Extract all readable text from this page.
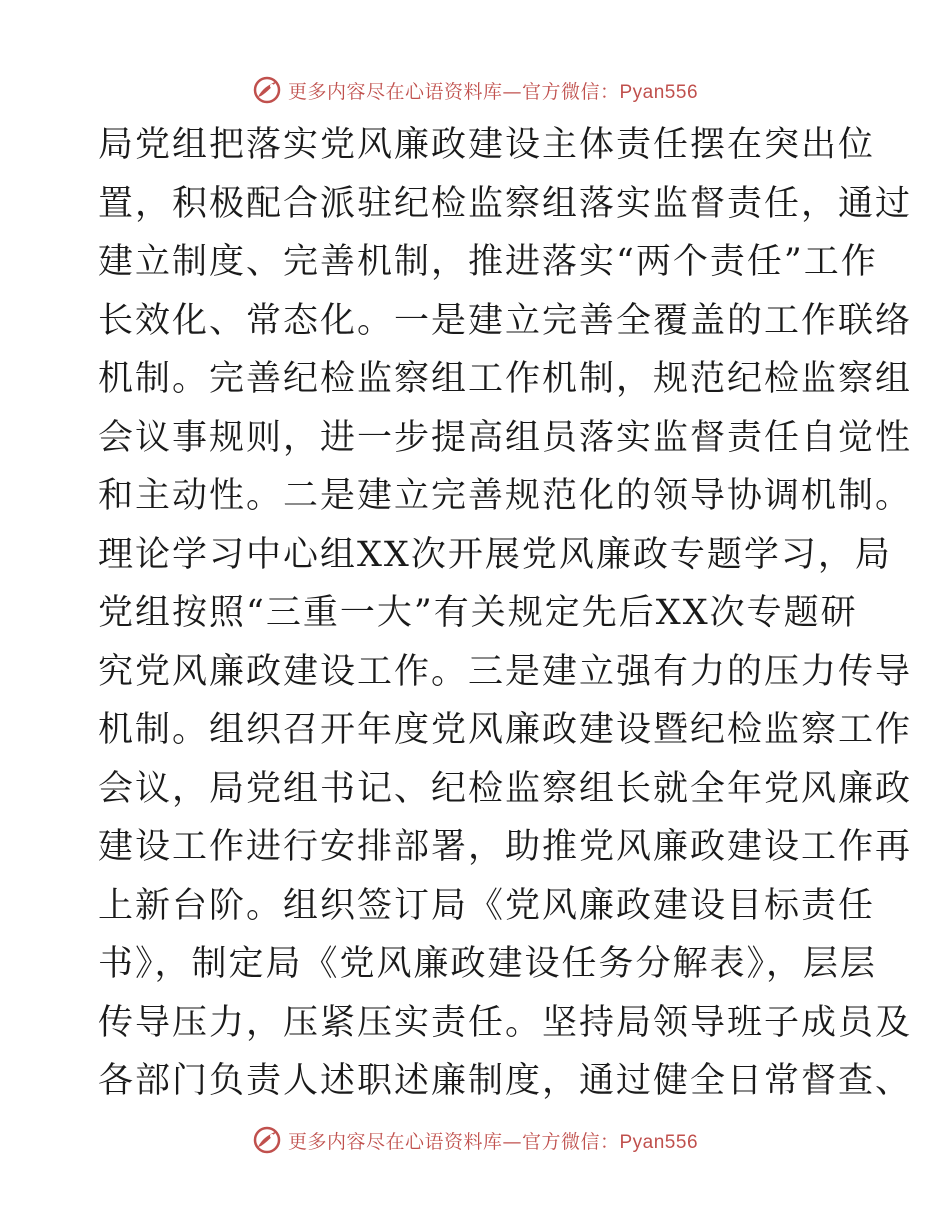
更多内容尽在心语资料库—官方微信：Pyan556
局党组把落实党风廉政建设主体责任摆在突出位
置，积极配合派驻纪检监察组落实监督责任，通过
建立制度、完善机制，推进落实“两个责任”工作
长效化、常态化。一是建立完善全覆盖的工作联络
机制。完善纪检监察组工作机制，规范纪检监察组
会议事规则，进一步提高组员落实监督责任自觉性
和主动性。二是建立完善规范化的领导协调机制。
理论学习中心组XX次开展党风廉政专题学习，局
党组按照“三重一大”有关规定先后XX次专题研
究党风廉政建设工作。三是建立强有力的压力传导
机制。组织召开年度党风廉政建设暨纪检监察工作
会议，局党组书记、纪检监察组长就全年党风廉政
建设工作进行安排部署，助推党风廉政建设工作再
上新台阶。组织签订局《党风廉政建设目标责任
书》，制定局《党风廉政建设任务分解表》，层层
传导压力，压紧压实责任。坚持局领导班子成员及
各部门负责人述职述廉制度，通过健全日常督查、
更多内容尽在心语资料库—官方微信：Pyan556
